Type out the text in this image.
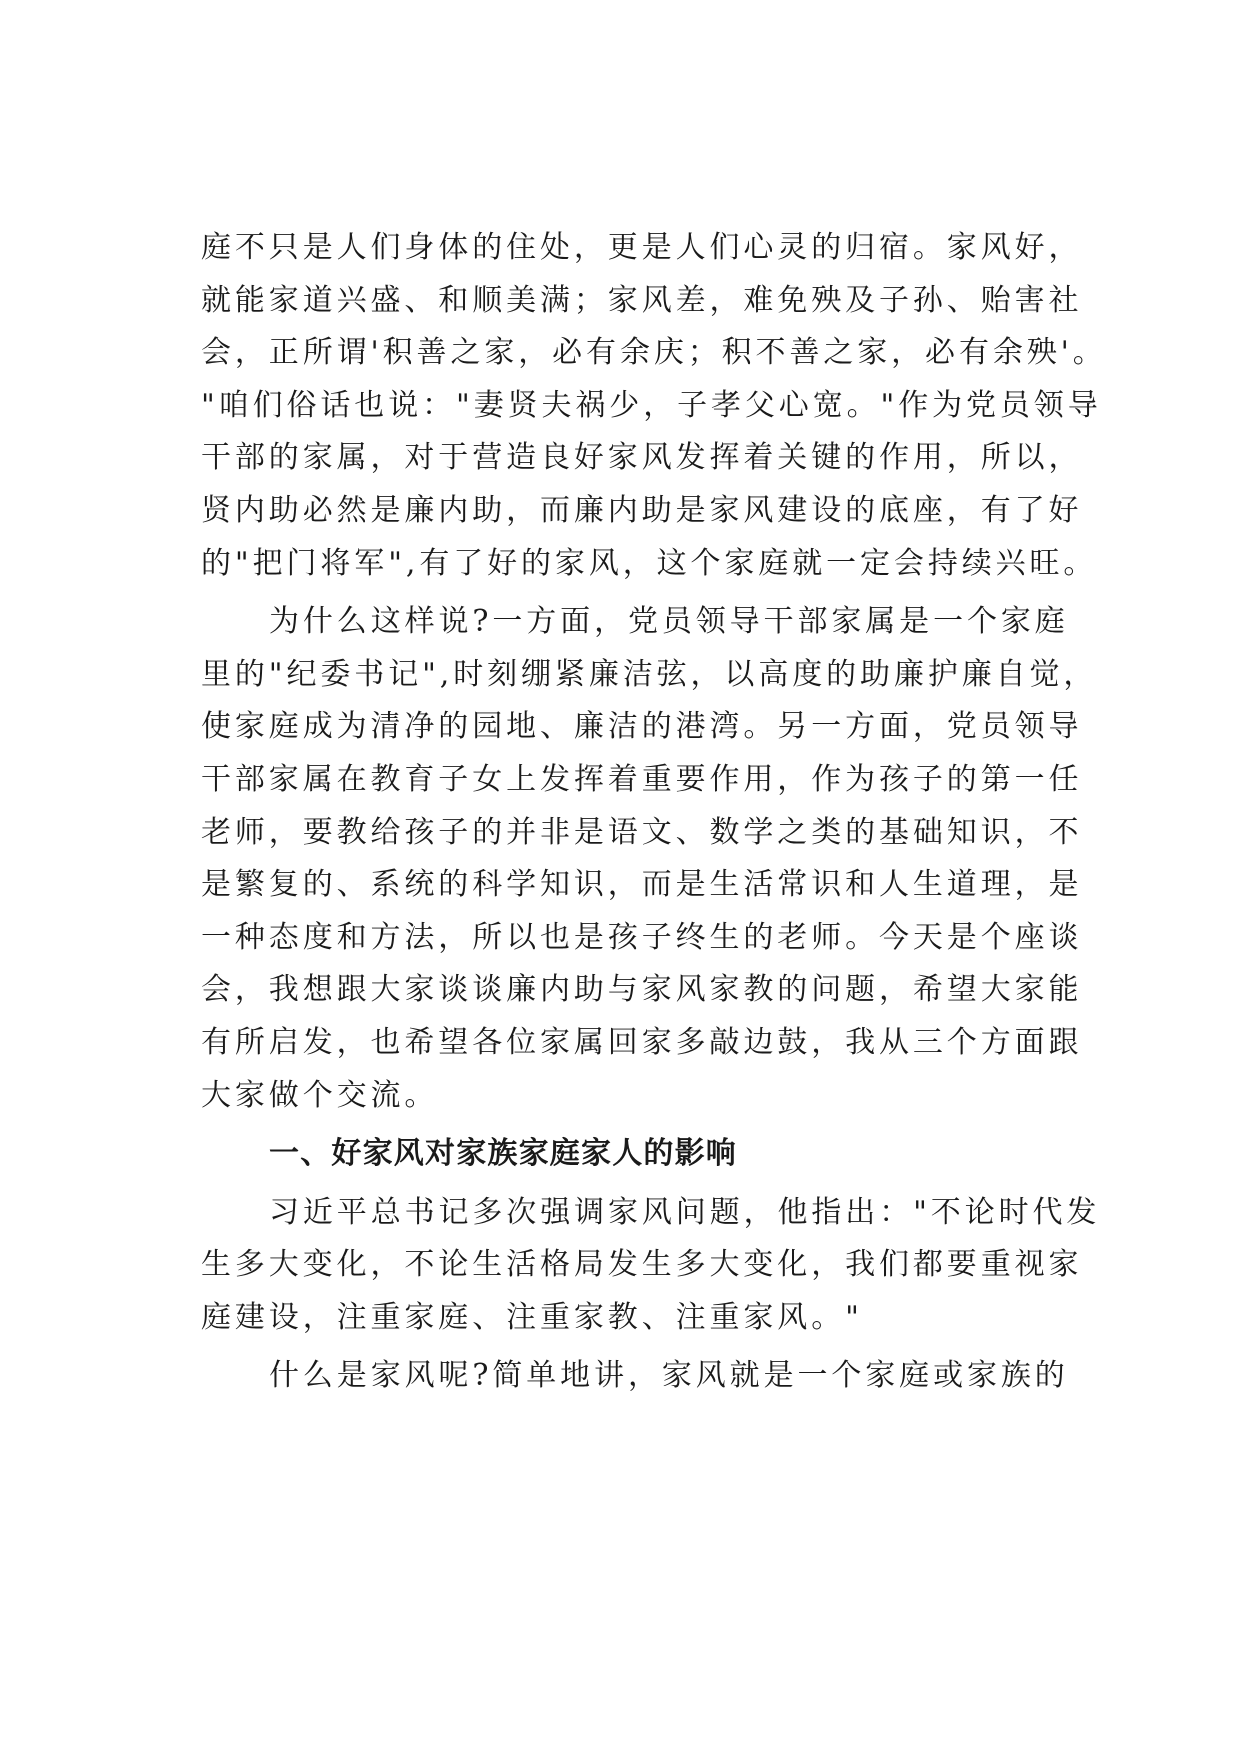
庭不只是人们身体的住处，更是人们心灵的归宿。家风好，
就能家道兴盛、和顺美满；家风差，难免殃及子孙、贻害社
会，正所谓'积善之家，必有余庆；积不善之家，必有余殃'。
"咱们俗话也说："妻贤夫祸少，子孝父心宽。"作为党员领导
干部的家属，对于营造良好家风发挥着关键的作用，所以，
贤内助必然是廉内助，而廉内助是家风建设的底座，有了好
的"把门将军",有了好的家风，这个家庭就一定会持续兴旺。
为什么这样说?一方面，党员领导干部家属是一个家庭
里的"纪委书记",时刻绷紧廉洁弦，以高度的助廉护廉自觉，
使家庭成为清净的园地、廉洁的港湾。另一方面，党员领导
干部家属在教育子女上发挥着重要作用，作为孩子的第一任
老师，要教给孩子的并非是语文、数学之类的基础知识，不
是繁复的、系统的科学知识，而是生活常识和人生道理，是
一种态度和方法，所以也是孩子终生的老师。今天是个座谈
会，我想跟大家谈谈廉内助与家风家教的问题，希望大家能
有所启发，也希望各位家属回家多敲边鼓，我从三个方面跟
大家做个交流。
一、好家风对家族家庭家人的影响
习近平总书记多次强调家风问题，他指出："不论时代发
生多大变化，不论生活格局发生多大变化，我们都要重视家
庭建设，注重家庭、注重家教、注重家风。"
什么是家风呢?简单地讲，家风就是一个家庭或家族的
